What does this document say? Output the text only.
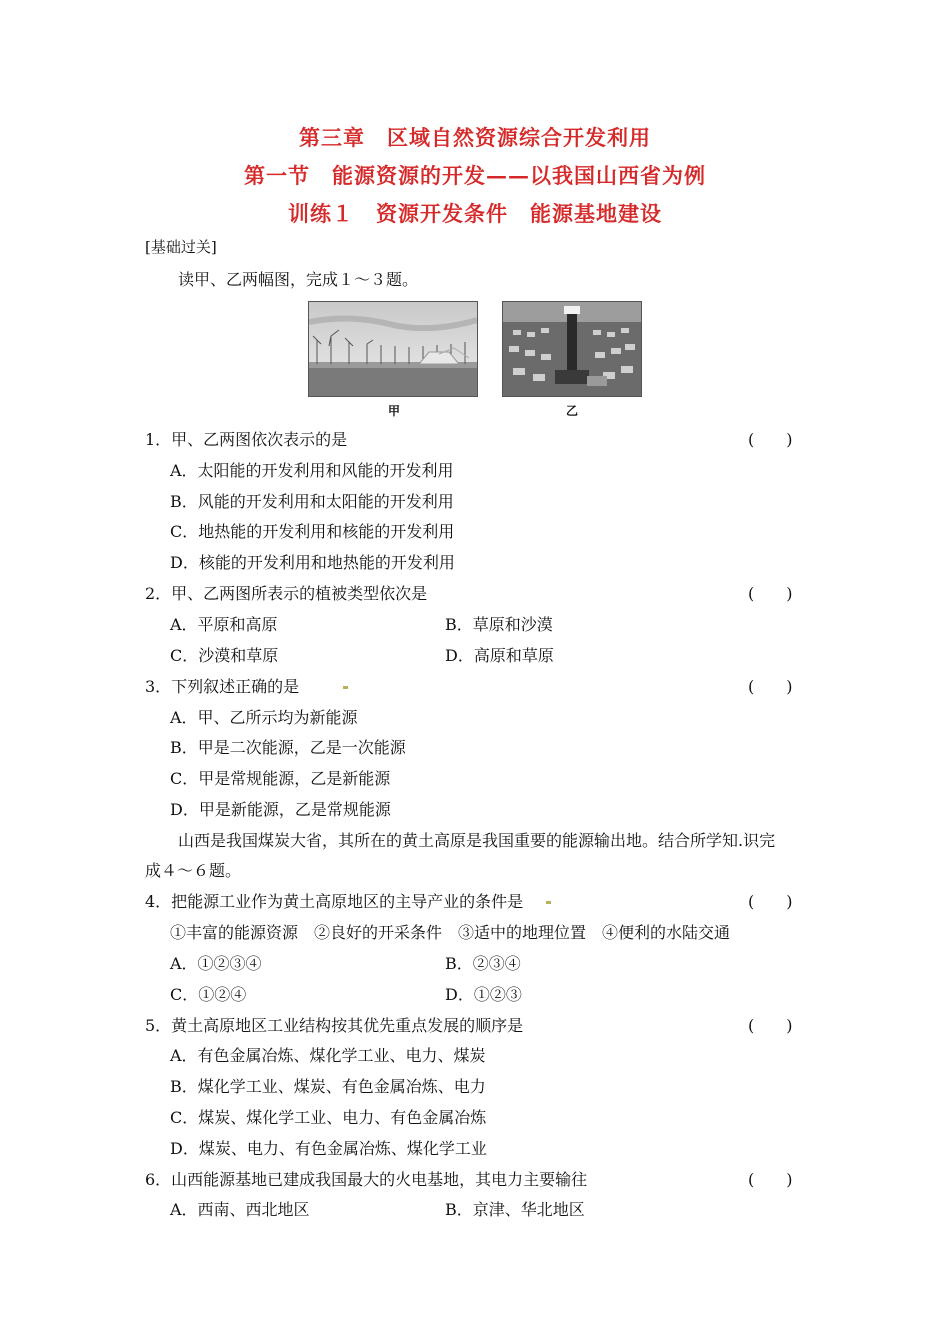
第三章　区域自然资源综合开发利用
第一节　能源资源的开发——以我国山西省为例
训练１　资源开发条件　能源基地建设
[基础过关]
读甲、乙两幅图，完成１～３题。
甲	乙
1．甲、乙两图依次表示的是	(　　)
A．太阳能的开发利用和风能的开发利用
B．风能的开发利用和太阳能的开发利用
C．地热能的开发利用和核能的开发利用
D．核能的开发利用和地热能的开发利用
2．甲、乙两图所表示的植被类型依次是	(　　)
A．平原和高原	B．草原和沙漠
C．沙漠和草原	D．高原和草原
3．下列叙述正确的是	(　　)
A．甲、乙所示均为新能源
B．甲是二次能源，乙是一次能源
C．甲是常规能源，乙是新能源
D．甲是新能源，乙是常规能源
山西是我国煤炭大省，其所在的黄土高原是我国重要的能源输出地。结合所学知.识完
成４～６题。
4．把能源工业作为黄土高原地区的主导产业的条件是	(　　)
①丰富的能源资源　②良好的开采条件　③适中的地理位置　④便利的水陆交通
A．①②③④	B．②③④
C．①②④	D．①②③
5．黄土高原地区工业结构按其优先重点发展的顺序是	(　　)
A．有色金属冶炼、煤化学工业、电力、煤炭
B．煤化学工业、煤炭、有色金属冶炼、电力
C．煤炭、煤化学工业、电力、有色金属冶炼
D．煤炭、电力、有色金属冶炼、煤化学工业
6．山西能源基地已建成我国最大的火电基地，其电力主要输往	(　　)
A．西南、西北地区	B．京津、华北地区
